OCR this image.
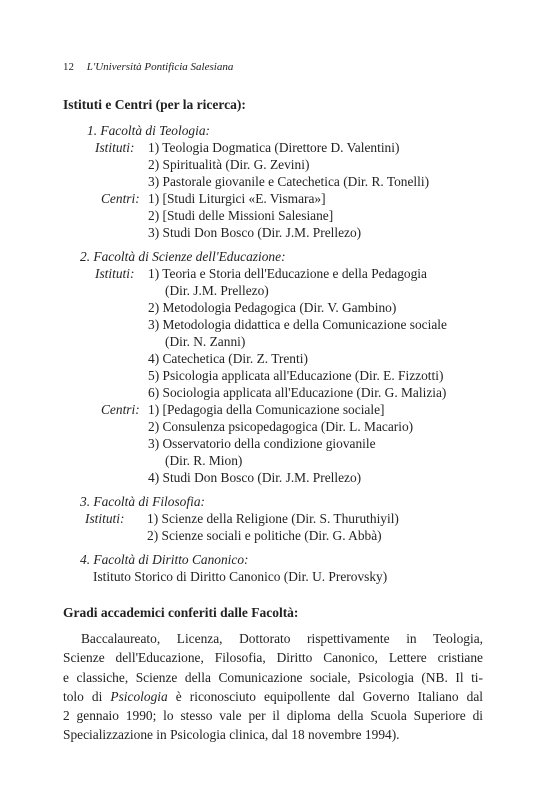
12 L'Università Pontificia Salesiana
Istituti e Centri (per la ricerca):
1. Facoltà di Teologia:
Istituti: 1) Teologia Dogmatica (Direttore D. Valentini)
2) Spiritualità (Dir. G. Zevini)
3) Pastorale giovanile e Catechetica (Dir. R. Tonelli)
Centri: 1) [Studi Liturgici «E. Vismara»]
2) [Studi delle Missioni Salesiane]
3) Studi Don Bosco (Dir. J.M. Prellezo)
2. Facoltà di Scienze dell'Educazione:
Istituti: 1) Teoria e Storia dell'Educazione e della Pedagogia
(Dir. J.M. Prellezo)
2) Metodologia Pedagogica (Dir. V. Gambino)
3) Metodologia didattica e della Comunicazione sociale
(Dir. N. Zanni)
4) Catechetica (Dir. Z. Trenti)
5) Psicologia applicata all'Educazione (Dir. E. Fizzotti)
6) Sociologia applicata all'Educazione (Dir. G. Malizia)
Centri: 1) [Pedagogia della Comunicazione sociale]
2) Consulenza psicopedagogica (Dir. L. Macario)
3) Osservatorio della condizione giovanile
(Dir. R. Mion)
4) Studi Don Bosco (Dir. J.M. Prellezo)
3. Facoltà di Filosofia:
Istituti: 1) Scienze della Religione (Dir. S. Thuruthiyil)
2) Scienze sociali e politiche (Dir. G. Abbà)
4. Facoltà di Diritto Canonico:
Istituto Storico di Diritto Canonico (Dir. U. Prerovsky)
Gradi accademici conferiti dalle Facoltà:
Baccalaureato, Licenza, Dottorato rispettivamente in Teologia,
Scienze dell'Educazione, Filosofia, Diritto Canonico, Lettere cristiane
e classiche, Scienze della Comunicazione sociale, Psicologia (NB. Il ti-
tolo di Psicologia è riconosciuto equipollente dal Governo Italiano dal
2 gennaio 1990; lo stesso vale per il diploma della Scuola Superiore di
Specializzazione in Psicologia clinica, dal 18 novembre 1994).
